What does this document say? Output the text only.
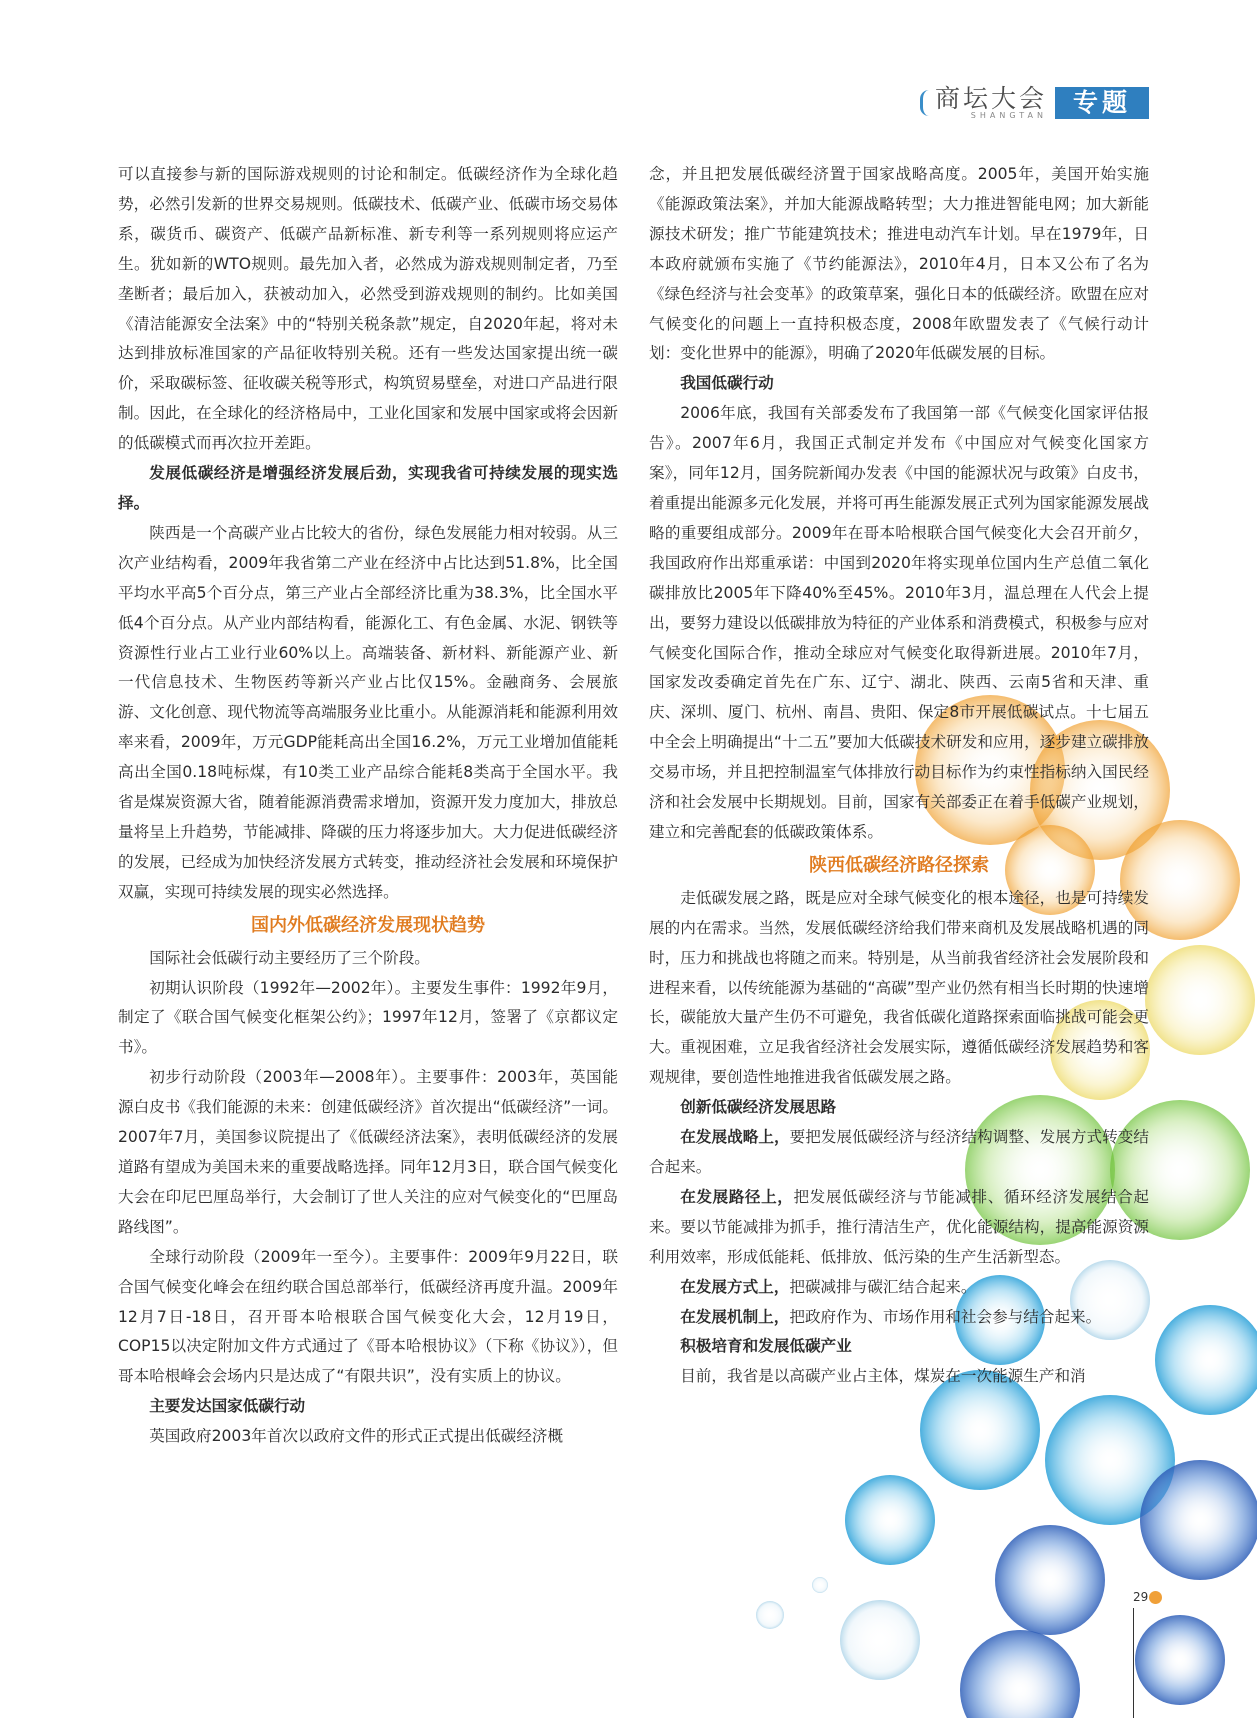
商坛大会
SHANGTAN	专题

可以直接参与新的国际游戏规则的讨论和制定。低碳经济作为全球化趋势，必然引发新的世界交易规则。低碳技术、低碳产业、低碳市场交易体系，碳货币、碳资产、低碳产品新标准、新专利等一系列规则将应运产生。犹如新的WTO规则。最先加入者，必然成为游戏规则制定者，乃至垄断者；最后加入，获被动加入，必然受到游戏规则的制约。比如美国《清洁能源安全法案》中的“特别关税条款”规定，自2020年起，将对未达到排放标准国家的产品征收特别关税。还有一些发达国家提出统一碳价，采取碳标签、征收碳关税等形式，构筑贸易壁垒，对进口产品进行限制。因此，在全球化的经济格局中，工业化国家和发展中国家或将会因新的低碳模式而再次拉开差距。

发展低碳经济是增强经济发展后劲，实现我省可持续发展的现实选择。

陕西是一个高碳产业占比较大的省份，绿色发展能力相对较弱。从三次产业结构看，2009年我省第二产业在经济中占比达到51.8%，比全国平均水平高5个百分点，第三产业占全部经济比重为38.3%，比全国水平低4个百分点。从产业内部结构看，能源化工、有色金属、水泥、钢铁等资源性行业占工业行业60%以上。高端装备、新材料、新能源产业、新一代信息技术、生物医药等新兴产业占比仅15%。金融商务、会展旅游、文化创意、现代物流等高端服务业比重小。从能源消耗和能源利用效率来看，2009年，万元GDP能耗高出全国16.2%，万元工业增加值能耗高出全国0.18吨标煤，有10类工业产品综合能耗8类高于全国水平。我省是煤炭资源大省，随着能源消费需求增加，资源开发力度加大，排放总量将呈上升趋势，节能减排、降碳的压力将逐步加大。大力促进低碳经济的发展，已经成为加快经济发展方式转变，推动经济社会发展和环境保护双赢，实现可持续发展的现实必然选择。

国内外低碳经济发展现状趋势

国际社会低碳行动主要经历了三个阶段。

初期认识阶段（1992年—2002年）。主要发生事件：1992年9月，制定了《联合国气候变化框架公约》；1997年12月，签署了《京都议定书》。

初步行动阶段（2003年—2008年）。主要事件：2003年，英国能源白皮书《我们能源的未来：创建低碳经济》首次提出“低碳经济”一词。2007年7月，美国参议院提出了《低碳经济法案》，表明低碳经济的发展道路有望成为美国未来的重要战略选择。同年12月3日，联合国气候变化大会在印尼巴厘岛举行，大会制订了世人关注的应对气候变化的“巴厘岛路线图”。

全球行动阶段（2009年一至今）。主要事件：2009年9月22日，联合国气候变化峰会在纽约联合国总部举行，低碳经济再度升温。2009年12月7日-18日，召开哥本哈根联合国气候变化大会，12月19日，COP15以决定附加文件方式通过了《哥本哈根协议》（下称《协议》），但哥本哈根峰会会场内只是达成了“有限共识”，没有实质上的协议。

主要发达国家低碳行动

英国政府2003年首次以政府文件的形式正式提出低碳经济概

念，并且把发展低碳经济置于国家战略高度。2005年，美国开始实施《能源政策法案》，并加大能源战略转型；大力推进智能电网；加大新能源技术研发；推广节能建筑技术；推进电动汽车计划。早在1979年，日本政府就颁布实施了《节约能源法》，2010年4月，日本又公布了名为《绿色经济与社会变革》的政策草案，强化日本的低碳经济。欧盟在应对气候变化的问题上一直持积极态度，2008年欧盟发表了《气候行动计划：变化世界中的能源》，明确了2020年低碳发展的目标。

我国低碳行动

2006年底，我国有关部委发布了我国第一部《气候变化国家评估报告》。2007年6月，我国正式制定并发布《中国应对气候变化国家方案》，同年12月，国务院新闻办发表《中国的能源状况与政策》白皮书，着重提出能源多元化发展，并将可再生能源发展正式列为国家能源发展战略的重要组成部分。2009年在哥本哈根联合国气候变化大会召开前夕，我国政府作出郑重承诺：中国到2020年将实现单位国内生产总值二氧化碳排放比2005年下降40%至45%。2010年3月，温总理在人代会上提出，要努力建设以低碳排放为特征的产业体系和消费模式，积极参与应对气候变化国际合作，推动全球应对气候变化取得新进展。2010年7月，国家发改委确定首先在广东、辽宁、湖北、陕西、云南5省和天津、重庆、深圳、厦门、杭州、南昌、贵阳、保定8市开展低碳试点。十七届五中全会上明确提出“十二五”要加大低碳技术研发和应用，逐步建立碳排放交易市场，并且把控制温室气体排放行动目标作为约束性指标纳入国民经济和社会发展中长期规划。目前，国家有关部委正在着手低碳产业规划，建立和完善配套的低碳政策体系。

陕西低碳经济路径探索

走低碳发展之路，既是应对全球气候变化的根本途径，也是可持续发展的内在需求。当然，发展低碳经济给我们带来商机及发展战略机遇的同时，压力和挑战也将随之而来。特别是，从当前我省经济社会发展阶段和进程来看，以传统能源为基础的“高碳”型产业仍然有相当长时期的快速增长，碳能放大量产生仍不可避免，我省低碳化道路探索面临挑战可能会更大。重视困难，立足我省经济社会发展实际，遵循低碳经济发展趋势和客观规律，要创造性地推进我省低碳发展之路。

创新低碳经济发展思路

在发展战略上，要把发展低碳经济与经济结构调整、发展方式转变结合起来。

在发展路径上，把发展低碳经济与节能减排、循环经济发展结合起来。要以节能减排为抓手，推行清洁生产，优化能源结构，提高能源资源利用效率，形成低能耗、低排放、低污染的生产生活新型态。

在发展方式上，把碳减排与碳汇结合起来。

在发展机制上，把政府作为、市场作用和社会参与结合起来。

积极培育和发展低碳产业

目前，我省是以高碳产业占主体，煤炭在一次能源生产和消

29
